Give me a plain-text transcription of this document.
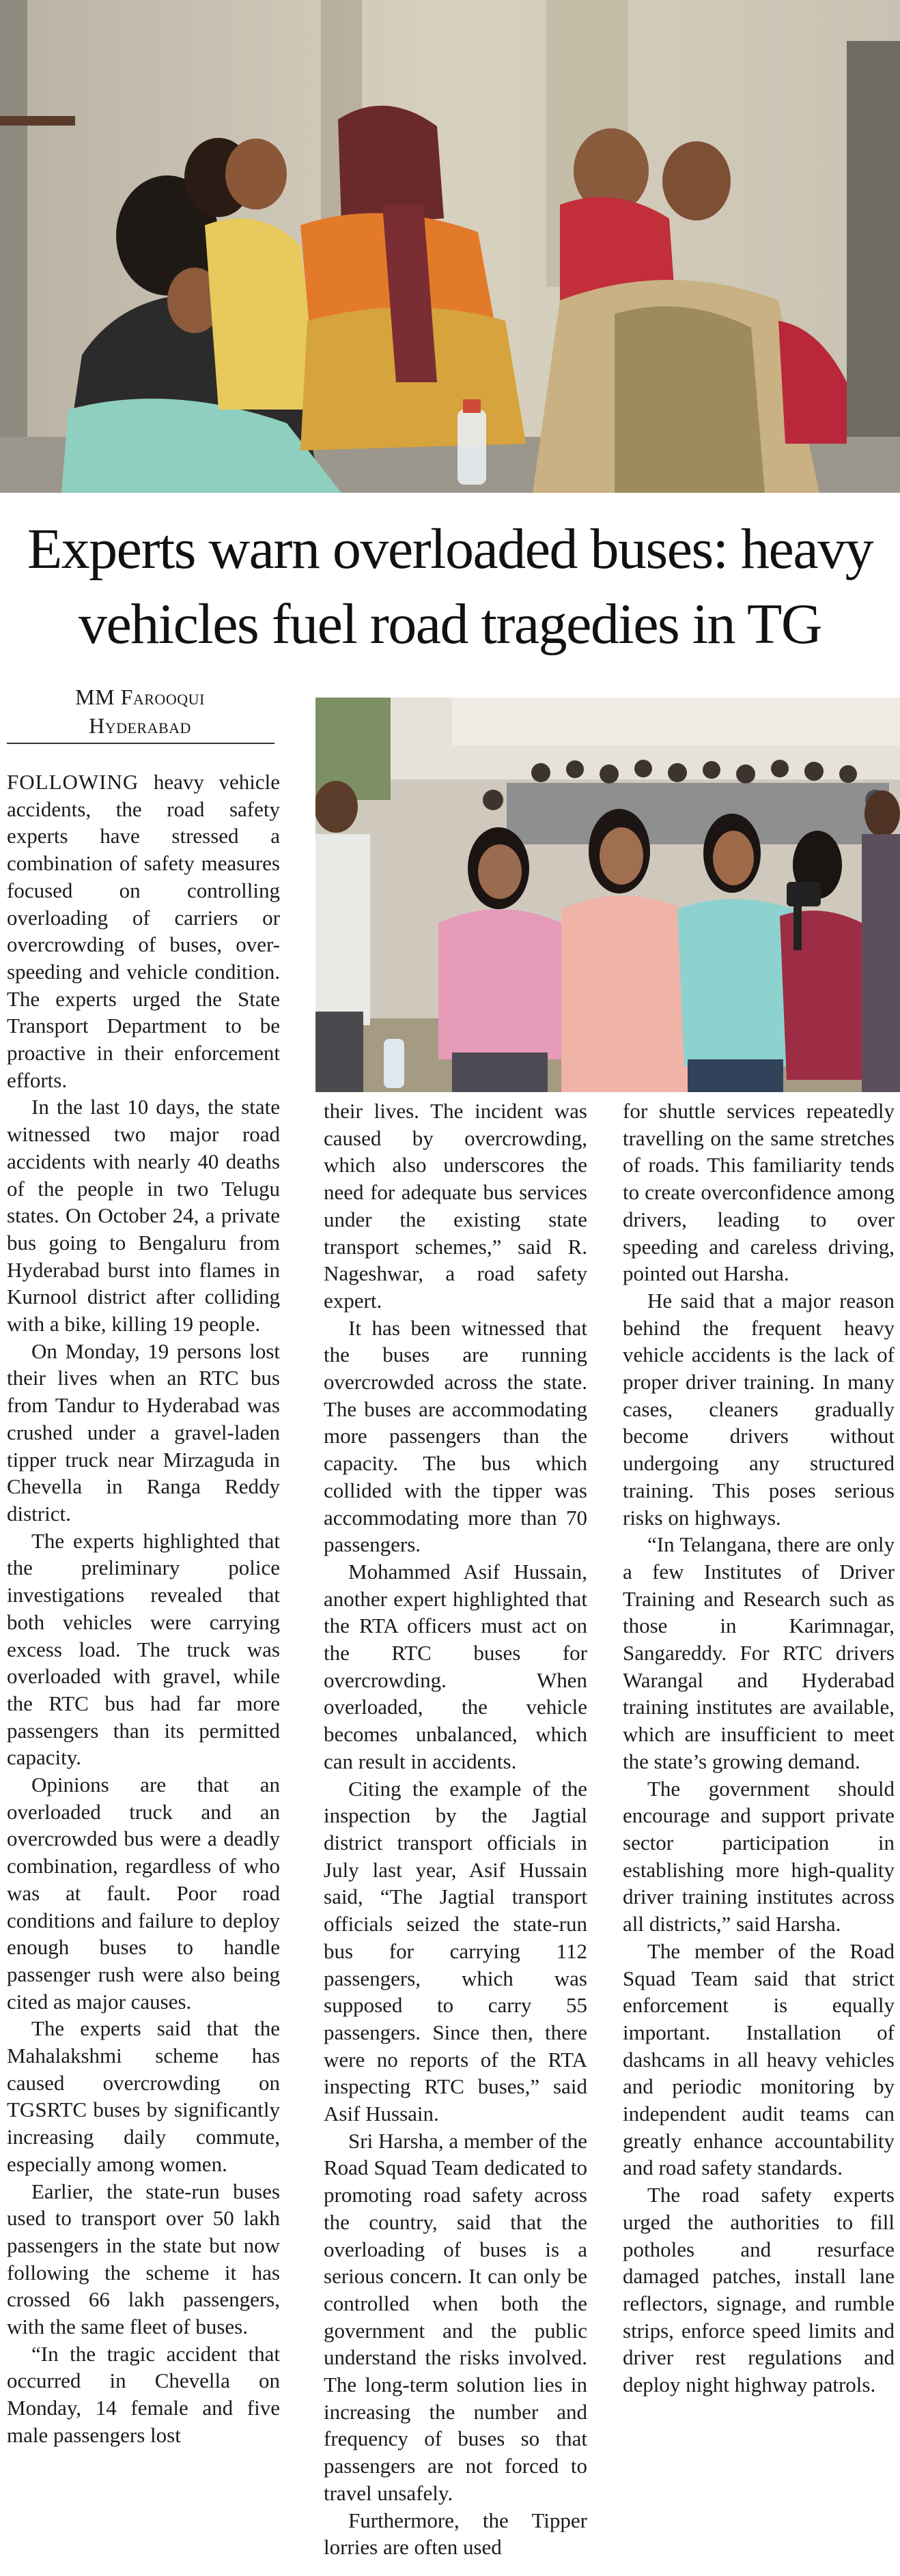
Experts warn overloaded buses: heavy vehicles fuel road tragedies in TG
MM Farooqui
Hyderabad

FOLLOWING heavy vehicle accidents, the road safety experts have stressed a combination of safety measures focused on controlling overloading of carriers or overcrowding of buses, over-speeding and vehicle condition. The experts urged the State Transport Department to be proactive in their enforcement efforts.

In the last 10 days, the state witnessed two major road accidents with nearly 40 deaths of the people in two Telugu states. On October 24, a private bus going to Bengaluru from Hyderabad burst into flames in Kurnool district after colliding with a bike, killing 19 people.

On Monday, 19 persons lost their lives when an RTC bus from Tandur to Hyderabad was crushed under a gravel-laden tipper truck near Mirzaguda in Chevella in Ranga Reddy district.

The experts highlighted that the preliminary police investigations revealed that both vehicles were carrying excess load. The truck was overloaded with gravel, while the RTC bus had far more passengers than its permitted capacity.

Opinions are that an overloaded truck and an overcrowded bus were a deadly combination, regardless of who was at fault. Poor road conditions and failure to deploy enough buses to handle passenger rush were also being cited as major causes.

The experts said that the Mahalakshmi scheme has caused overcrowding on TGSRTC buses by significantly increasing daily commute, especially among women.

Earlier, the state-run buses used to transport over 50 lakh passengers in the state but now following the scheme it has crossed 66 lakh passengers, with the same fleet of buses.

“In the tragic accident that occurred in Chevella on Monday, 14 female and five male passengers lost

their lives. The incident was caused by overcrowding, which also underscores the need for adequate bus services under the existing state transport schemes,” said R. Nageshwar, a road safety expert.

It has been witnessed that the buses are running overcrowded across the state. The buses are accommodating more passengers than the capacity. The bus which collided with the tipper was accommodating more than 70 passengers.

Mohammed Asif Hussain, another expert highlighted that the RTA officers must act on the RTC buses for overcrowding. When overloaded, the vehicle becomes unbalanced, which can result in accidents.

Citing the example of the inspection by the Jagtial district transport officials in July last year, Asif Hussain said, “The Jagtial transport officials seized the state-run bus for carrying 112 passengers, which was supposed to carry 55 passengers. Since then, there were no reports of the RTA inspecting RTC buses,” said Asif Hussain.

Sri Harsha, a member of the Road Squad Team dedicated to promoting road safety across the country, said that the overloading of buses is a serious concern. It can only be controlled when both the government and the public understand the risks involved. The long-term solution lies in increasing the number and frequency of buses so that passengers are not forced to travel unsafely.

Furthermore, the Tipper lorries are often used

for shuttle services repeatedly travelling on the same stretches of roads. This familiarity tends to create overconfidence among drivers, leading to over speeding and careless driving, pointed out Harsha.

He said that a major reason behind the frequent heavy vehicle accidents is the lack of proper driver training. In many cases, cleaners gradually become drivers without undergoing any structured training. This poses serious risks on highways.

“In Telangana, there are only a few Institutes of Driver Training and Research such as those in Karimnagar, Sangareddy. For RTC drivers Warangal and Hyderabad training institutes are available, which are insufficient to meet the state’s growing demand.

The government should encourage and support private sector participation in establishing more high-quality driver training institutes across all districts,” said Harsha.

The member of the Road Squad Team said that strict enforcement is equally important. Installation of dashcams in all heavy vehicles and periodic monitoring by independent audit teams can greatly enhance accountability and road safety standards.

The road safety experts urged the authorities to fill potholes and resurface damaged patches, install lane reflectors, signage, and rumble strips, enforce speed limits and driver rest regulations and deploy night highway patrols.
